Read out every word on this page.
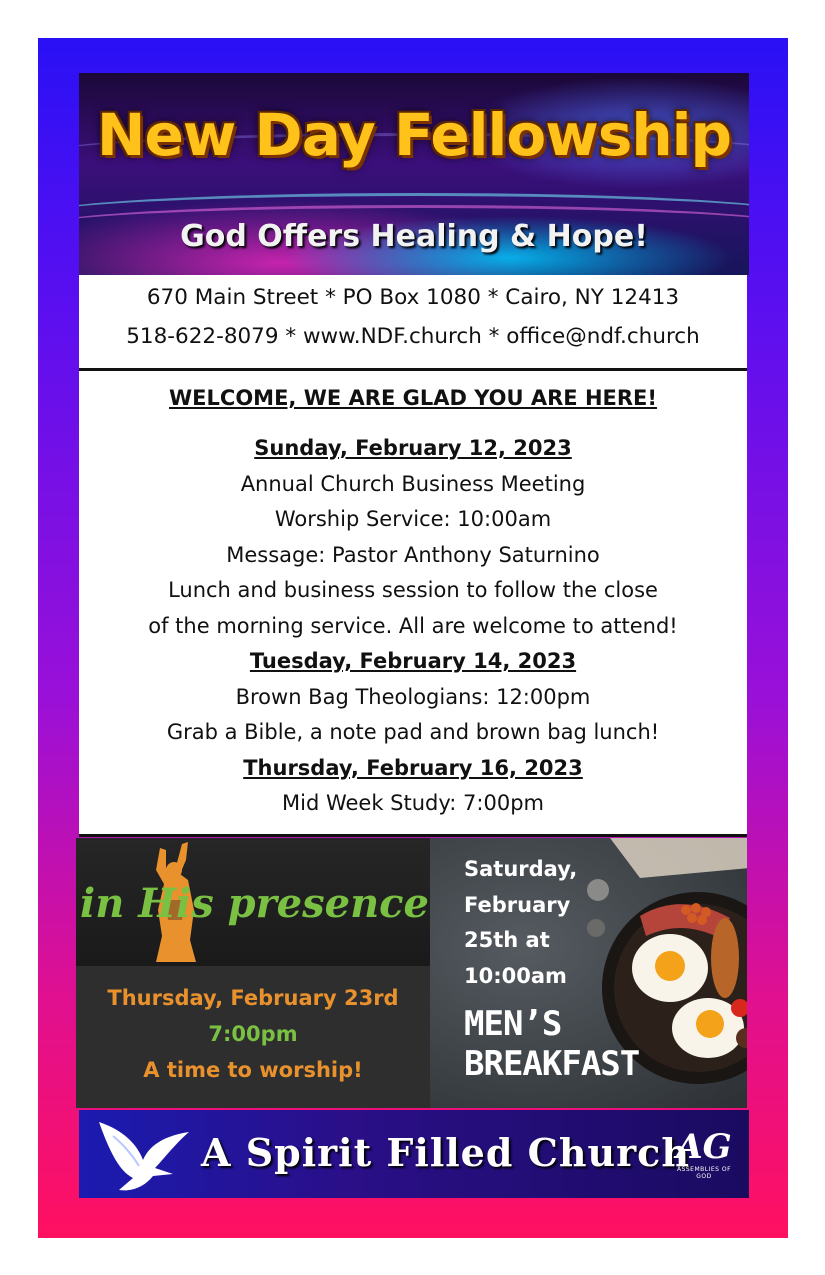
New Day Fellowship
God Offers Healing & Hope!
670 Main Street * PO Box 1080 * Cairo, NY 12413
518-622-8079 * www.NDF.church * office@ndf.church
WELCOME, WE ARE GLAD YOU ARE HERE!
Sunday, February 12, 2023
Annual Church Business Meeting
Worship Service: 10:00am
Message: Pastor Anthony Saturnino
Lunch and business session to follow the close
of the morning service. All are welcome to attend!
Tuesday, February 14, 2023
Brown Bag Theologians: 12:00pm
Grab a Bible, a note pad and brown bag lunch!
Thursday, February 16, 2023
Mid Week Study: 7:00pm
in His presence
Thursday, February 23rd
7:00pm
A time to worship!
Saturday,
February
25th at
10:00am
MEN’S
BREAKFAST
A Spirit Filled Church
AG
ASSEMBLIES OF GOD
